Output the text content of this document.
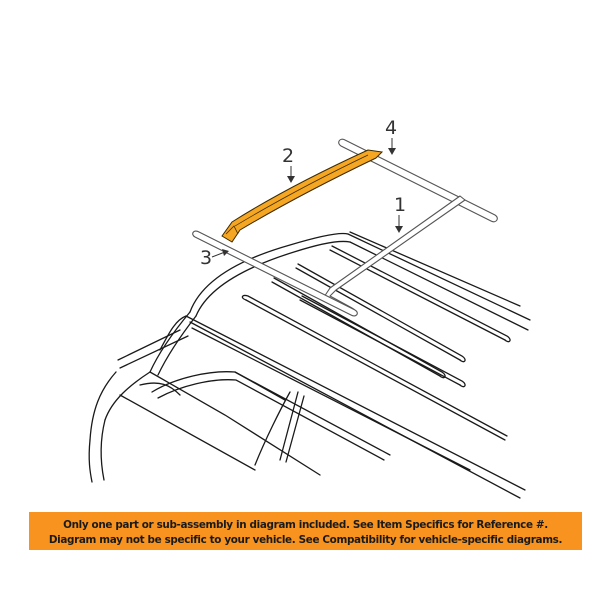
2
4
1
3
Only one part or sub-assembly in diagram included. See Item Specifics for Reference #.
Diagram may not be specific to your vehicle. See Compatibility for vehicle-specific diagrams.
